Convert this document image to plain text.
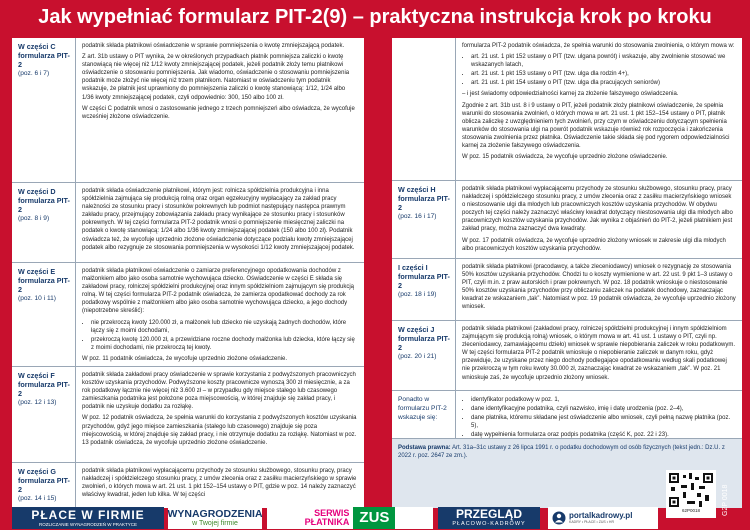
Jak wypełniać formularz PIT-2(9) – praktyczna instrukcja krok po kroku
W części C formularza PIT-2
(poz. 6 i 7)

podatnik składa płatnikowi oświadczenie w sprawie pomniejszenia o kwotę zmniejszającą podatek.

Z art. 31b ustawy o PIT wynika, że w określonych przypadkach płatnik pomniejsza zaliczki o kwotę stanowiącą nie więcej niż 1/12 kwoty zmniejszającej podatek, jeżeli podatnik złoży temu płatnikowi oświadczenie o stosowaniu pomniejszenia. Jak wiadomo, oświadczenie o stosowaniu pomniejszenia podatnik może złożyć nie więcej niż trzem płatnikom. Natomiast w oświadczeniu tym podatnik wskazuje, że płatnik jest uprawniony do pomniejszenia zaliczki o kwotę stanowiącą: 1/12, 1/24 albo 1/36 kwoty zmniejszającej podatek, czyli odpowiednio: 300, 150 albo 100 zł.

W części C podatnik wnosi o zastosowanie jednego z trzech pomniejszeń albo oświadcza, że wycofuje wcześniej złożone oświadczenie.

W części D formularza PIT-2
(poz. 8 i 9)

podatnik składa oświadczenie płatnikowi, którym jest: rolnicza spółdzielnia produkcyjna i inna spółdzielnia zajmująca się produkcją rolną oraz organ egzekucyjny wypłacający za zakład pracy należności ze stosunku pracy i stosunków pokrewnych lub podmiot następujący następca prawnym zakładu pracy, przejmujący zobowiązania zakładu pracy wynikające ze stosunku pracy i stosunków pokrewnych. W tej części formularza PIT-2 podatnik wnosi o pomniejszenie miesięcznej zaliczki na podatek o kwotę stanowiącą: 1/24 albo 1/36 kwoty zmniejszającej podatek (150 albo 100 zł). Podatnik oświadcza też, że wycofuje uprzednio złożone oświadczenie dotyczące podziału kwoty zmniejszającej podatek albo rezygnuje ze stosowania pomniejszenia w wysokości 1/12 kwoty zmniejszającej podatek.

W części E formularza PIT-2
(poz. 10 i 11)

podatnik składa płatnikowi oświadczenie o zamiarze preferencyjnego opodatkowania dochodów z małżonkiem albo jako osoba samotnie wychowująca dziecko. Oświadczenie w części E składa się zakładowi pracy, rolniczej spółdzielni produkcyjnej oraz innym spółdzielniom zajmującym się produkcją rolną. W tej części formularza PIT-2 podatnik oświadcza, że zamierza opodatkować dochody za rok podatkowy wspólnie z małżonkiem albo jako osoba samotnie wychowująca dziecko, a jego dochody (niepotrzebne skreślić):

• nie przekroczą kwoty 120.000 zł, a małżonek lub dziecko nie uzyskają żadnych dochodów, które łączy się z moimi dochodami,
• przekroczą kwotę 120.000 zł, a przewidziane roczne dochody małżonka lub dziecka, które łączy się z moimi dochodami, nie przekroczą tej kwoty.

W poz. 11 podatnik oświadcza, że wycofuje uprzednio złożone oświadczenie.

W części F formularza PIT-2
(poz. 12 i 13)

podatnik składa zakładowi pracy oświadczenie w sprawie korzystania z podwyższonych pracowniczych kosztów uzyskania przychodów. Podwyższone koszty pracownicze wynoszą 300 zł miesięcznie, a za rok podatkowy łącznie nie więcej niż 3.600 zł – w przypadku gdy miejsce stałego lub czasowego zamieszkania podatnika jest położone poza miejscowością, w której znajduje się zakład pracy, i podatnik nie uzyskuje dodatku za rozłąkę.

W poz. 12 podatnik oświadcza, że spełnia warunki do korzystania z podwyższonych kosztów uzyskania przychodów, gdyż jego miejsce zamieszkania (stałego lub czasowego) znajduje się poza miejscowością, w której znajduje się zakład pracy, i nie otrzymuje dodatku za rozłąkę. Natomiast w poz. 13 podatnik oświadcza, że wycofuje uprzednio złożone oświadczenie.

W części G formularza PIT-2
(poz. 14 i 15)

podatnik składa płatnikowi wypłacającemu przychody ze stosunku służbowego, stosunku pracy, pracy nakładczej i spółdzielczego stosunku pracy, z umów zlecenia oraz z zasiłku macierzyńskiego w sprawie zwolnień, o których mowa w art. 21 ust. 1 pkt 152–154 ustawy o PIT, gdzie w poz. 14 należy zaznaczyć właściwy kwadrat, jeden lub kilka. W tej części

formularza PIT-2 podatnik oświadcza, że spełnia warunki do stosowania zwolnienia, o którym mowa w:

• art. 21 ust. 1 pkt 152 ustawy o PIT (tzw. ulgana powrót) i wskazuje, aby zwolnienie stosować we wskazanych latach,
• art. 21 ust. 1 pkt 153 ustawy o PIT (tzw. ulga dla rodzin 4+),
• art. 21 ust. 1 pkt 154 ustawy o PIT (tzw. ulga dla pracujących seniorów)

– i jest świadomy odpowiedzialności karnej za złożenie fałszywego oświadczenia.

Zgodnie z art. 31b ust. 8 i 9 ustawy o PIT, jeżeli podatnik złoży płatnikowi oświadczenie, że spełnia warunki do stosowania zwolnień, o których mowa w art. 21 ust. 1 pkt 152–154 ustawy o PIT, płatnik oblicza zaliczkę z uwzględnieniem tych zwolnień, przy czym w oświadczeniu dotyczącym spełnienia warunków do stosowania ulgi na powrót podatnik wskazuje również rok rozpoczęcia i zakończenia stosowania zwolnienia przez płatnika. Oświadczenie takie składa się pod rygorem odpowiedzialności karnej za złożenie fałszywego oświadczenia.

W poz. 15 podatnik oświadcza, że wycofuje uprzednio złożone oświadczenie.

W części H formularza PIT-2
(poz. 16 i 17)

podatnik składa płatnikowi wypłacającemu przychody ze stosunku służbowego, stosunku pracy, pracy nakładczej i spółdzielczego stosunku pracy, z umów zlecenia oraz z zasiłku macierzyńskiego wniosek o niestosowanie ulgi dla młodych lub pracowniczych kosztów uzyskania przychodów. W obydwu poczych tej części należy zaznaczyć właściwy kwadrat dotyczący niestosowania ulgi dla młodych albo pracowniczych kosztów uzyskania przychodów. Jak wynika z objaśnień do PIT-2, jeżeli płatnikiem jest zakład pracy, można zaznaczyć dwa kwadraty.

W poz. 17 podatnik oświadcza, że wycofuje uprzednio złożony wniosek w zakresie ulgi dla młodych albo pracowniczych kosztów uzyskania przychodów.

I części I formularza PIT-2
(poz. 18 i 19)

podatnik składa płatnikowi (pracodawcy, a także zleceniodawcy) wniosek o rezygnację ze stosowania 50% kosztów uzyskania przychodów. Chodzi tu o koszty wymienione w art. 22 ust. 9 pkt 1–3 ustawy o PIT, czyli m.in. z praw autorskich i praw pokrewnych. W poz. 18 podatnik wnioskuje o niestosowanie 50% kosztów uzyskania przychodów przy obliczaniu zaliczek na podatek dochodowy, zaznaczając kwadrat ze wskazaniem „tak”. Natomiast w poz. 19 podatnik oświadcza, że wycofuje uprzednio złożony wniosek.

W części J formularza PIT-2
(poz. 20 i 21)

podatnik składa płatnikowi (zakładowi pracy, rolniczej spółdzielni produkcyjnej i innym spółdzielniom zajmującym się produkcją rolną) wniosek, o którym mowa w art. 41 ust. 1 ustawy o PIT, czyli np. zleceniodawcy, zamawiającemu dzieło) wniosek w sprawie niepobierania zaliczek w roku podatkowym. W tej części formularza PIT-2 podatnik wnioskuje o niepobieranie zaliczek w danym roku, gdyż przewiduje, że uzyskane przez niego dochody podlegające opodatkowaniu według skali podatkowej nie przekroczą w tym roku kwoty 30.000 zł, zaznaczając kwadrat ze wskazaniem „tak”. W poz. 21 wnioskuje zaś, że wycofuje uprzednio złożony wniosek.

Ponadto w formularzu PIT-2 wskazuje się:
• identyfikator podatkowy w poz. 1,
• dane identyfikacyjne podatnika, czyli nazwisko, imię i datę urodzenia (poz. 2–4),
• dane płatnika, któremu składane jest oświadczenie albo wniosek, czyli pełną nazwę płatnika (poz. 5),
• datę wypełnienia formularza oraz podpis podatnika (część K, poz. 22 i 23).
Podstawa prawna: Art. 31a–31c ustawy z 26 lipca 1991 r. o podatku dochodowym od osób fizycznych (tekst jedn.: Dz.U. z 2022 r. poz. 2647 ze zm.).
PŁACE W FIRMIE
ROZLICZANIE WYNAGRODZEŃ W PRAKTYCE
WYNAGRODZENIA
w Twojej firmie
SERWIS
PŁATNIKA ZUS	PRZEGLĄD
PŁACOWO-KADROWY
portalkadrowy.pl
KADRY • PŁACE • ZUS • HR
62P0018	G2P 0018
